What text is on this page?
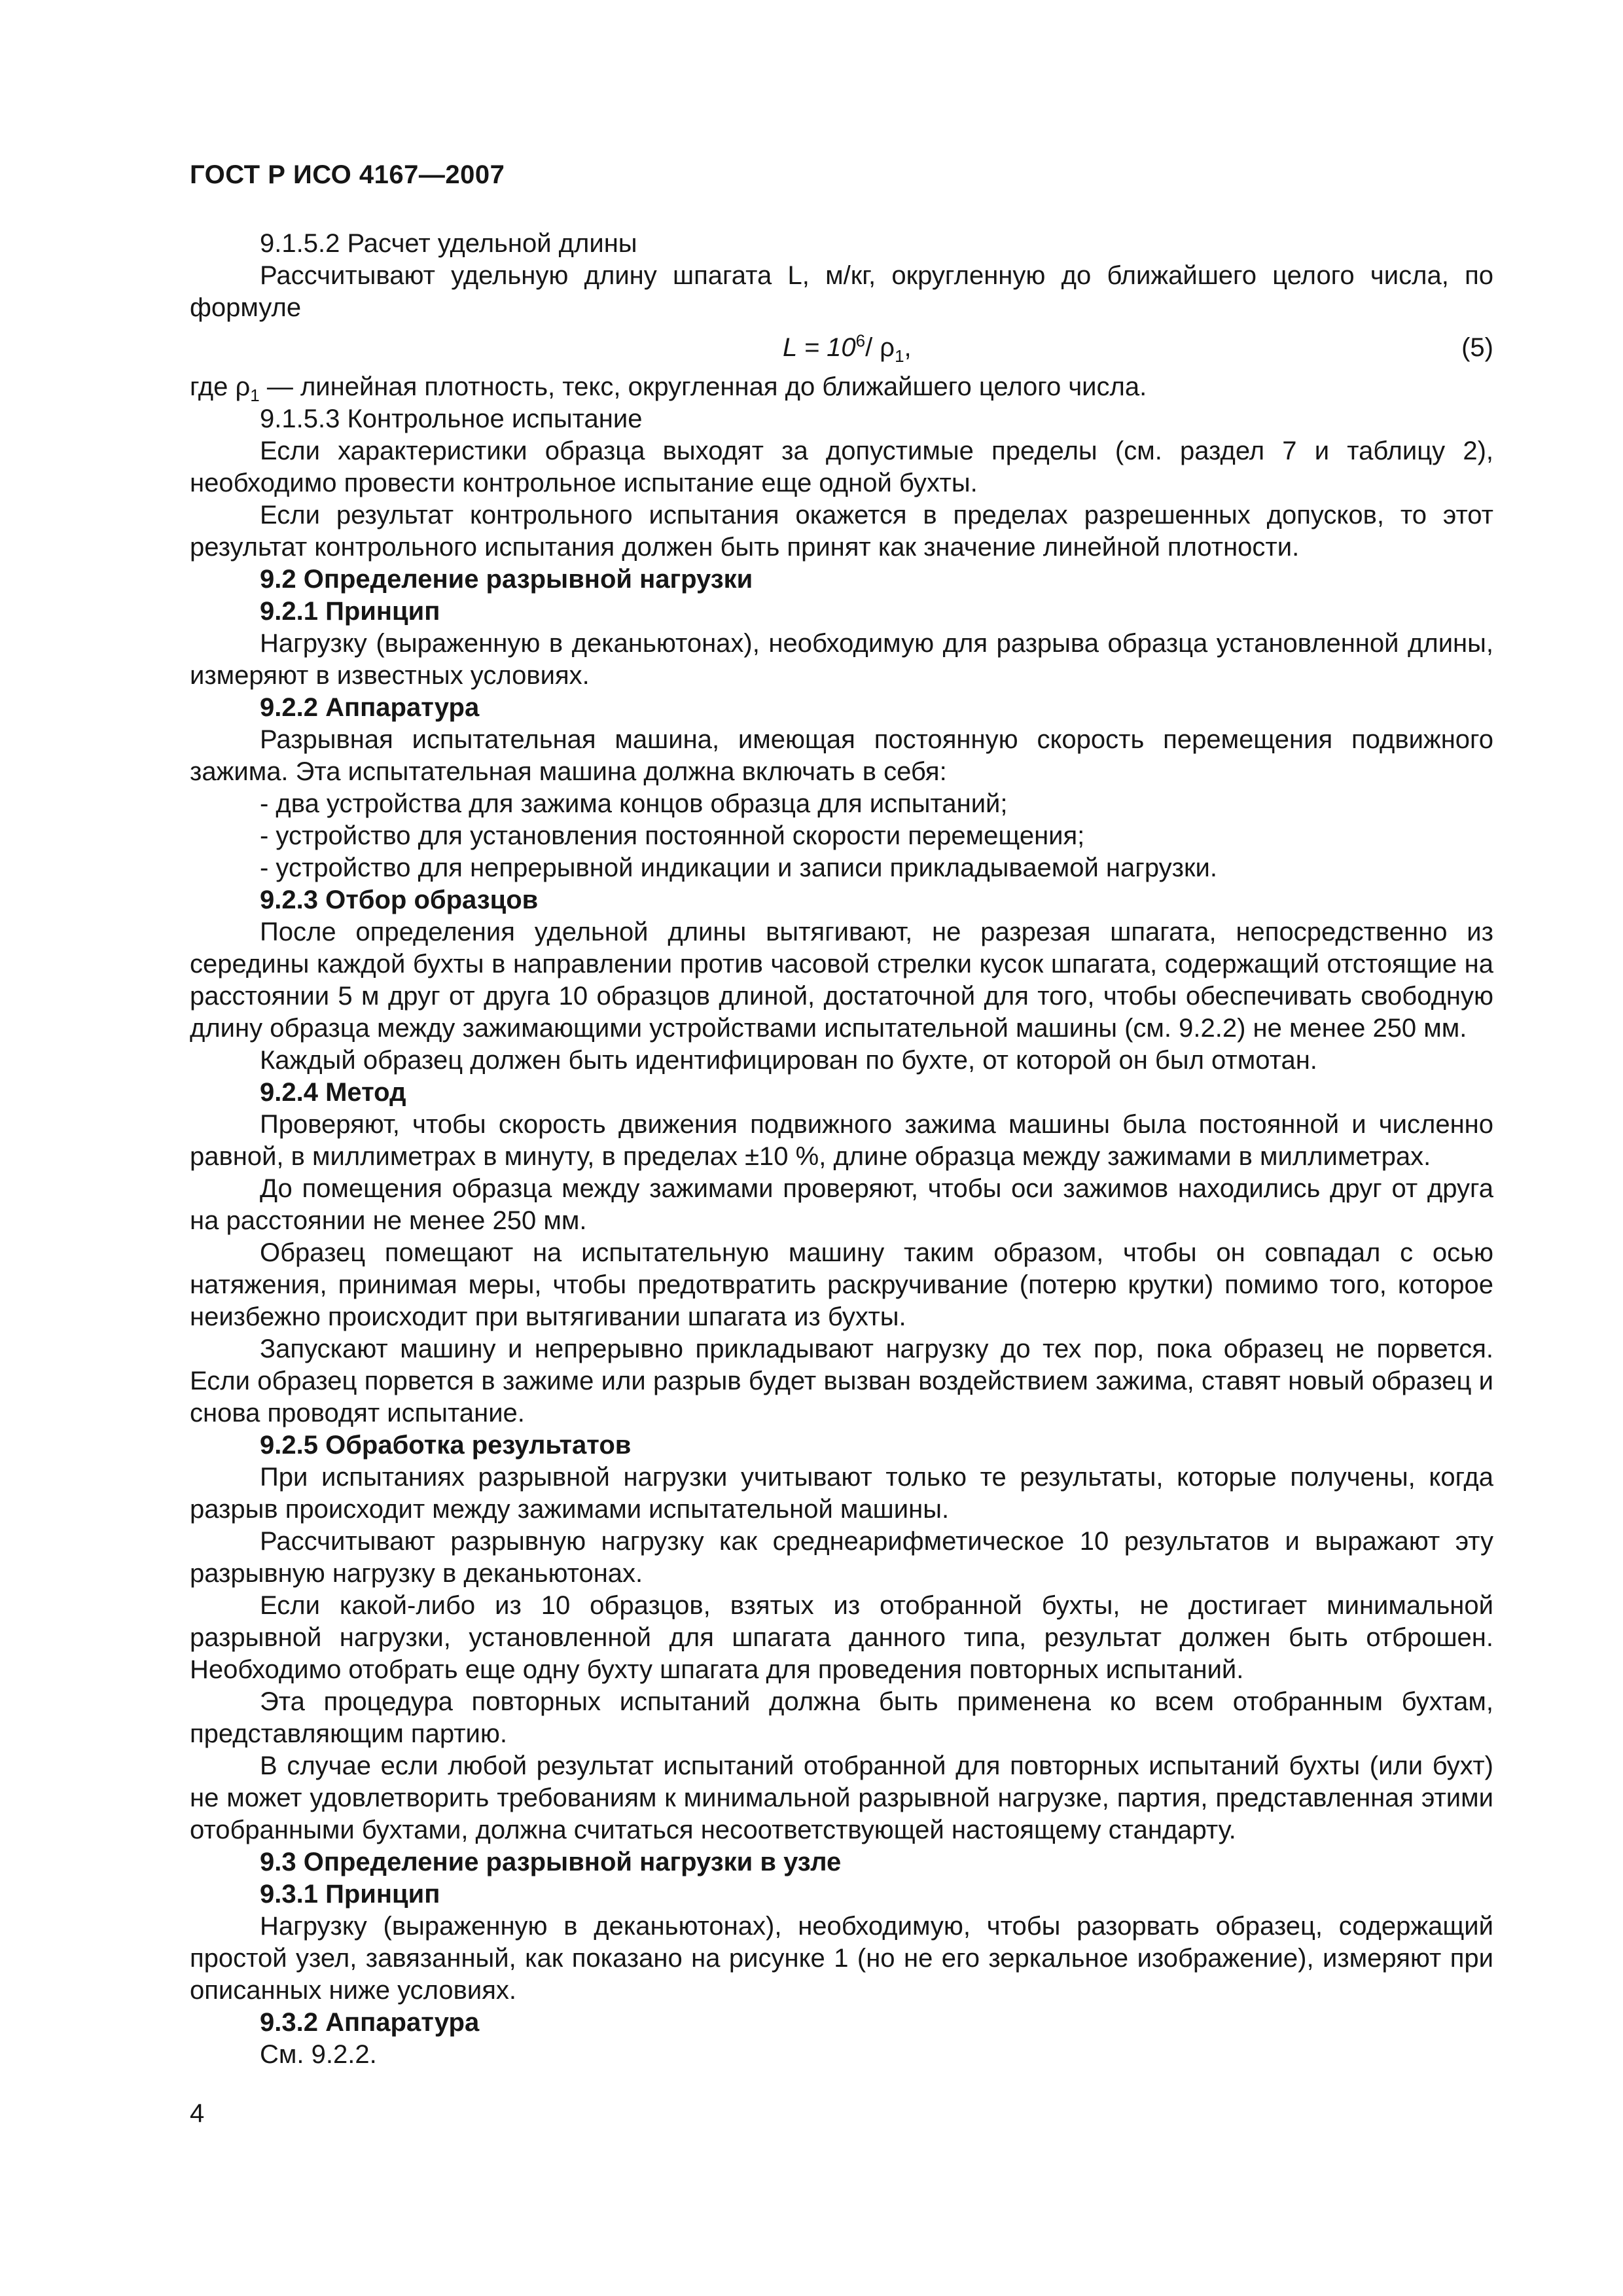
ГОСТ Р ИСО 4167—2007

9.1.5.2 Расчет удельной длины

Рассчитывают удельную длину шпагата L, м/кг, округленную до ближайшего целого числа, по формуле

$L = 10^6/$ $\rho_1$,	(5)

где $\rho_1$ — линейная плотность, текс, округленная до ближайшего целого числа.

9.1.5.3 Контрольное испытание

Если характеристики образца выходят за допустимые пределы (см. раздел 7 и таблицу 2), необходимо провести контрольное испытание еще одной бухты.

Если результат контрольного испытания окажется в пределах разрешенных допусков, то этот результат контрольного испытания должен быть принят как значение линейной плотности.

9.2 Определение разрывной нагрузки

9.2.1 Принцип

Нагрузку (выраженную в деканьютонах), необходимую для разрыва образца установленной длины, измеряют в известных условиях.

9.2.2 Аппаратура

Разрывная испытательная машина, имеющая постоянную скорость перемещения подвижного зажима. Эта испытательная машина должна включать в себя:

- два устройства для зажима концов образца для испытаний;

- устройство для установления постоянной скорости перемещения;

- устройство для непрерывной индикации и записи прикладываемой нагрузки.

9.2.3 Отбор образцов

После определения удельной длины вытягивают, не разрезая шпагата, непосредственно из середины каждой бухты в направлении против часовой стрелки кусок шпагата, содержащий отстоящие на расстоянии 5 м друг от друга 10 образцов длиной, достаточной для того, чтобы обеспечивать свободную длину образца между зажимающими устройствами испытательной машины (см. 9.2.2) не менее 250 мм.

Каждый образец должен быть идентифицирован по бухте, от которой он был отмотан.

9.2.4 Метод

Проверяют, чтобы скорость движения подвижного зажима машины была постоянной и численно равной, в миллиметрах в минуту, в пределах ±10 %, длине образца между зажимами в миллиметрах.

До помещения образца между зажимами проверяют, чтобы оси зажимов находились друг от друга на расстоянии не менее 250 мм.

Образец помещают на испытательную машину таким образом, чтобы он совпадал с осью натяжения, принимая меры, чтобы предотвратить раскручивание (потерю крутки) помимо того, которое неизбежно происходит при вытягивании шпагата из бухты.

Запускают машину и непрерывно прикладывают нагрузку до тех пор, пока образец не порвется. Если образец порвется в зажиме или разрыв будет вызван воздействием зажима, ставят новый образец и снова проводят испытание.

9.2.5 Обработка результатов

При испытаниях разрывной нагрузки учитывают только те результаты, которые получены, когда разрыв происходит между зажимами испытательной машины.

Рассчитывают разрывную нагрузку как среднеарифметическое 10 результатов и выражают эту разрывную нагрузку в деканьютонах.

Если какой-либо из 10 образцов, взятых из отобранной бухты, не достигает минимальной разрывной нагрузки, установленной для шпагата данного типа, результат должен быть отброшен. Необходимо отобрать еще одну бухту шпагата для проведения повторных испытаний.

Эта процедура повторных испытаний должна быть применена ко всем отобранным бухтам, представляющим партию.

В случае если любой результат испытаний отобранной для повторных испытаний бухты (или бухт) не может удовлетворить требованиям к минимальной разрывной нагрузке, партия, представленная этими отобранными бухтами, должна считаться несоответствующей настоящему стандарту.

9.3 Определение разрывной нагрузки в узле

9.3.1 Принцип

Нагрузку (выраженную в деканьютонах), необходимую, чтобы разорвать образец, содержащий простой узел, завязанный, как показано на рисунке 1 (но не его зеркальное изображение), измеряют при описанных ниже условиях.

9.3.2 Аппаратура

См. 9.2.2.

4
